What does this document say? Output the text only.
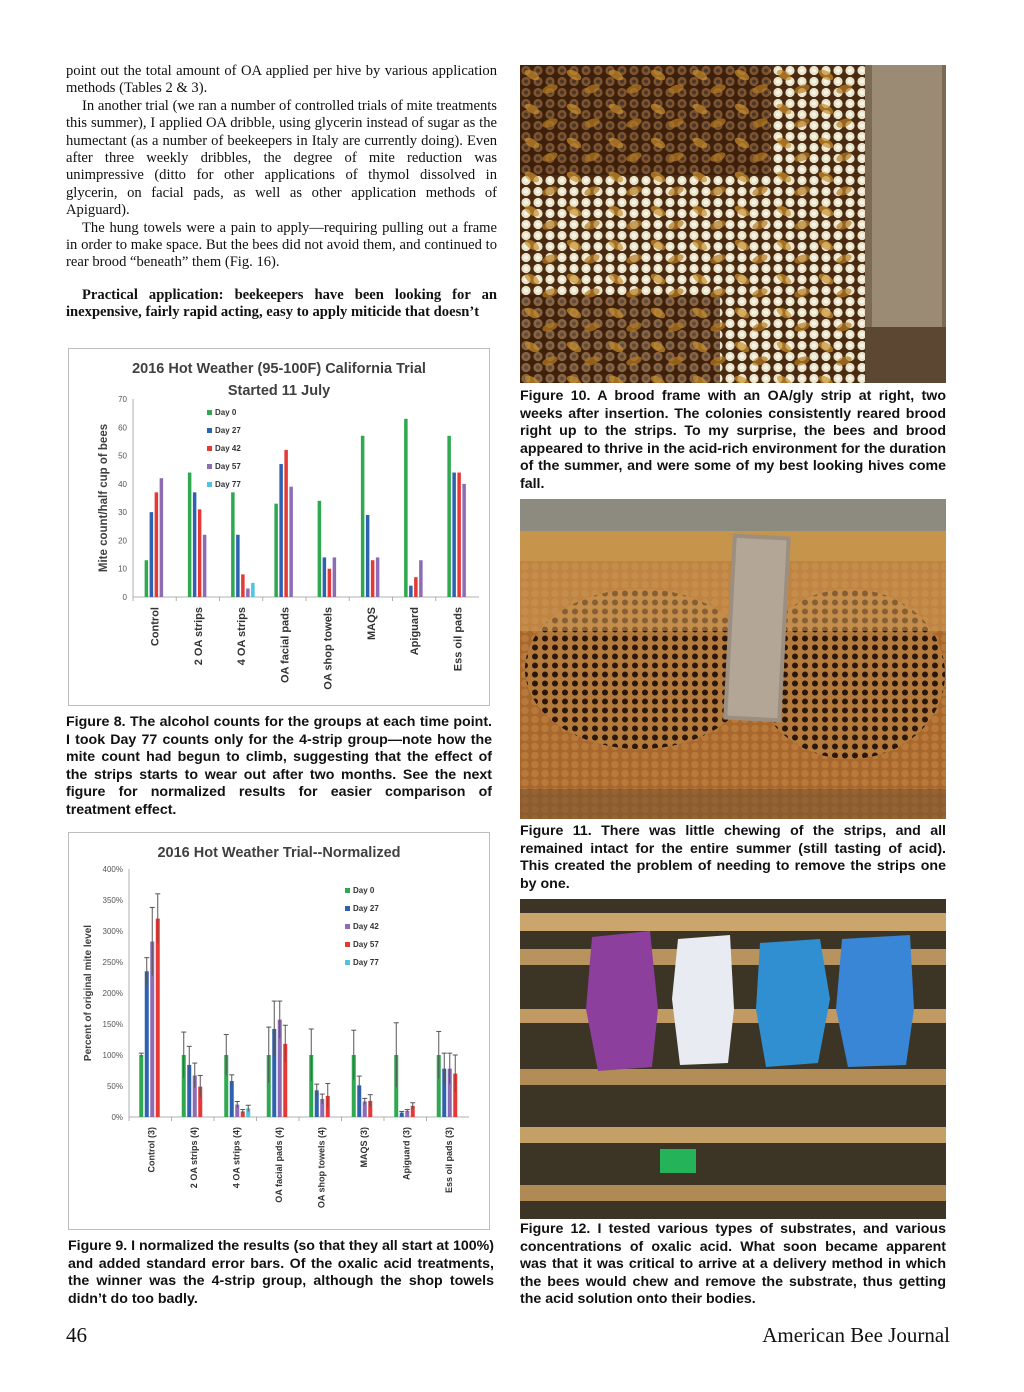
point out the total amount of OA applied per hive by various application methods (Tables 2 & 3).

In another trial (we ran a number of controlled trials of mite treatments this summer), I applied OA dribble, using glycerin instead of sugar as the humectant (as a number of beekeepers in Italy are currently doing). Even after three weekly dribbles, the degree of mite reduction was unimpressive (ditto for other applications of thymol dissolved in glycerin, on facial pads, as well as other application methods of Apiguard).

The hung towels were a pain to apply—requiring pulling out a frame in order to make space. But the bees did not avoid them, and continued to rear brood “beneath” them (Fig. 16).

Practical application: beekeepers have been looking for an inexpensive, fairly rapid acting, easy to apply miticide that doesn’t
2016 Hot Weather (95-100F) California Trial
Started 11 July
0
10
20
30
40
50
60
70
Mite count/half cup of bees
Control	2 OA strips	4 OA strips	OA facial pads	OA shop towels	MAQS	Apiguard	Ess oil pads
Day 0
Day 27
Day 42
Day 57
Day 77
Figure 8. The alcohol counts for the groups at each time point. I took Day 77 counts only for the 4-strip group—note how the mite count had begun to climb, suggesting that the effect of the strips starts to wear out after two months. See the next figure for normalized results for easier comparison of treatment effect.
2016 Hot Weather Trial--Normalized
0%
50%
100%
150%
200%
250%
300%
350%
400%
Percent of original mite level
Control (3)	2 OA strips (4)	4 OA strips (4)	OA facial pads (4)	OA shop towels (4)	MAQS (3)	Apiguard (3)	Ess oil pads (3)
Day 0
Day 27
Day 42
Day 57
Day 77
Figure 9. I normalized the results (so that they all start at 100%) and added standard error bars. Of the oxalic acid treatments, the winner was the 4-strip group, although the shop towels didn’t do too badly.
Figure 10. A brood frame with an OA/gly strip at right, two weeks after insertion. The colonies consistently reared brood right up to the strips. To my surprise, the bees and brood appeared to thrive in the acid-rich environment for the duration of the summer, and were some of my best looking hives come fall.
Figure 11. There was little chewing of the strips, and all remained intact for the entire summer (still tasting of acid). This created the problem of needing to remove the strips one by one.
Figure 12. I tested various types of substrates, and various concentrations of oxalic acid. What soon became apparent was that it was critical to arrive at a delivery method in which the bees would chew and remove the substrate, thus getting the acid solution onto their bodies.
46	American Bee Journal
